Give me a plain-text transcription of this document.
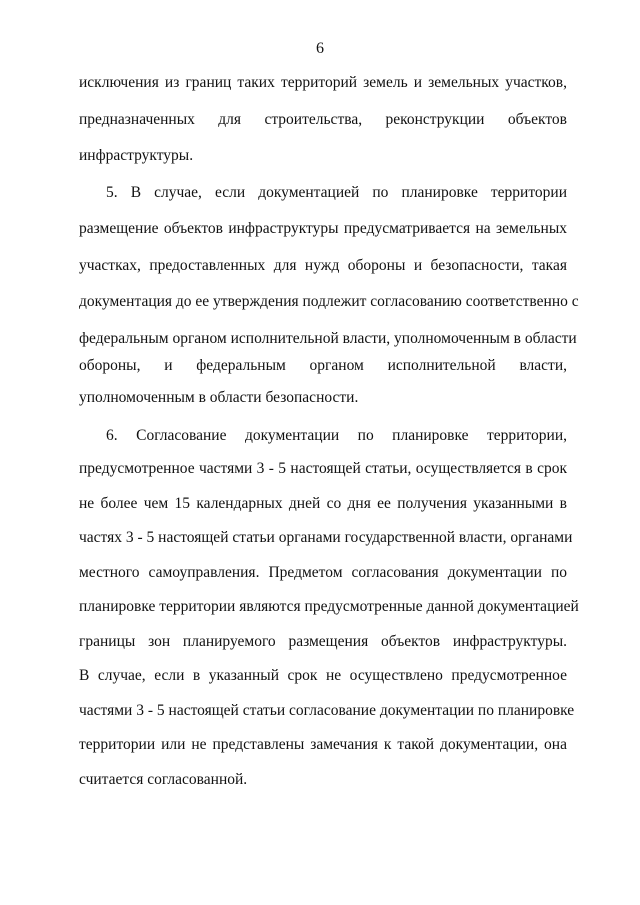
6
исключения из границ таких территорий земель и земельных участков,
предназначенных для строительства, реконструкции объектов
инфраструктуры.
5. В случае, если документацией по планировке территории
размещение объектов инфраструктуры предусматривается на земельных
участках, предоставленных для нужд обороны и безопасности, такая
документация до ее утверждения подлежит согласованию соответственно с
федеральным органом исполнительной власти, уполномоченным в области
обороны, и федеральным органом исполнительной власти,
уполномоченным в области безопасности.
6. Согласование документации по планировке территории,
предусмотренное частями 3 - 5 настоящей статьи, осуществляется в срок
не более чем 15 календарных дней со дня ее получения указанными в
частях 3 - 5 настоящей статьи органами государственной власти, органами
местного самоуправления. Предметом согласования документации по
планировке территории являются предусмотренные данной документацией
границы зон планируемого размещения объектов инфраструктуры.
В случае, если в указанный срок не осуществлено предусмотренное
частями 3 - 5 настоящей статьи согласование документации по планировке
территории или не представлены замечания к такой документации, она
считается согласованной.
